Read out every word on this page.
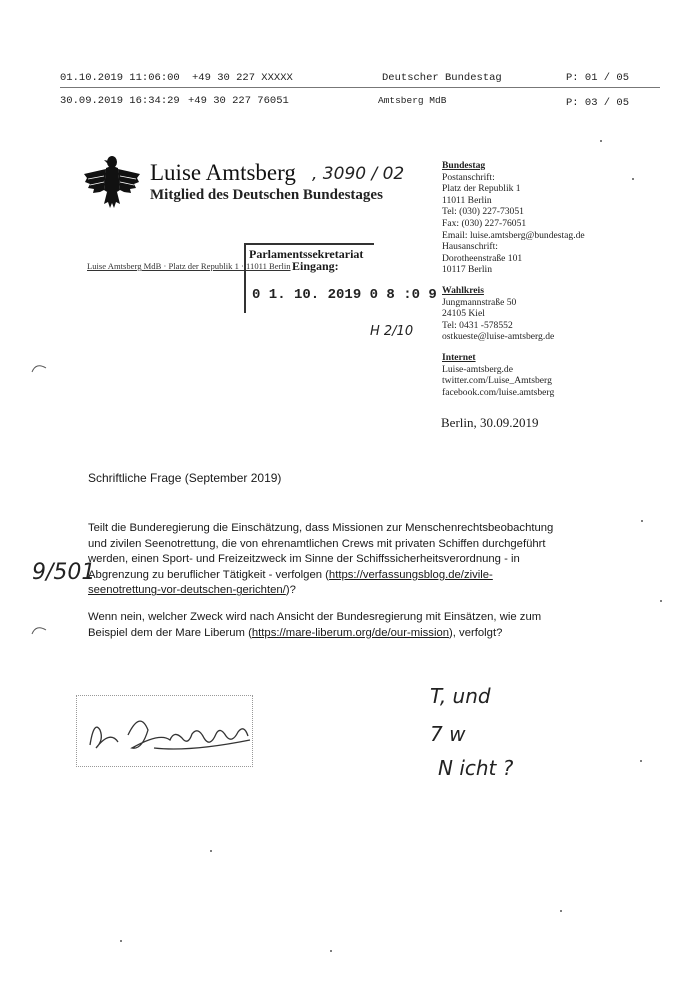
01.10.2019 11:06:00 +49 30 227 XXXXX	Deutscher Bundestag	P: 01 / 05
30.09.2019 16:34:29 +49 30 227 76051	Amtsberg MdB	P: 03 / 05
Luise Amtsberg , 3090 / 02
Mitglied des Deutschen Bundestages
Luise Amtsberg MdB · Platz der Republik 1 · 11011 Berlin
Parlamentssekretariat
Eingang:
0 1. 10. 2019 0 8 :0 9
H 2/10
Bundestag
Postanschrift:
Platz der Republik 1
11011 Berlin
Tel: (030) 227-73051
Fax: (030) 227-76051
Email: luise.amtsberg@bundestag.de
Hausanschrift:
Dorotheenstraße 101
10117 Berlin
Wahlkreis
Jungmannstraße 50
24105 Kiel
Tel: 0431 -578552
ostkueste@luise-amtsberg.de
Internet
Luise-amtsberg.de
twitter.com/Luise_Amtsberg
facebook.com/luise.amtsberg
Berlin, 30.09.2019
Schriftliche Frage (September 2019)
9/501
Teilt die Bunderegierung die Einschätzung, dass Missionen zur Menschenrechtsbeobachtung
und zivilen Seenotrettung, die von ehrenamtlichen Crews mit privaten Schiffen durchgeführt
werden, einen Sport- und Freizeitzweck im Sinne der Schiffssicherheitsverordnung - in
Abgrenzung zu beruflicher Tätigkeit - verfolgen (https://verfassungsblog.de/zivile-
seenotrettung-vor-deutschen-gerichten/)?
Wenn nein, welcher Zweck wird nach Ansicht der Bundesregierung mit Einsätzen, wie zum
Beispiel dem der Mare Liberum (https://mare-liberum.org/de/our-mission), verfolgt?
T, und
7 w
N icht ?
